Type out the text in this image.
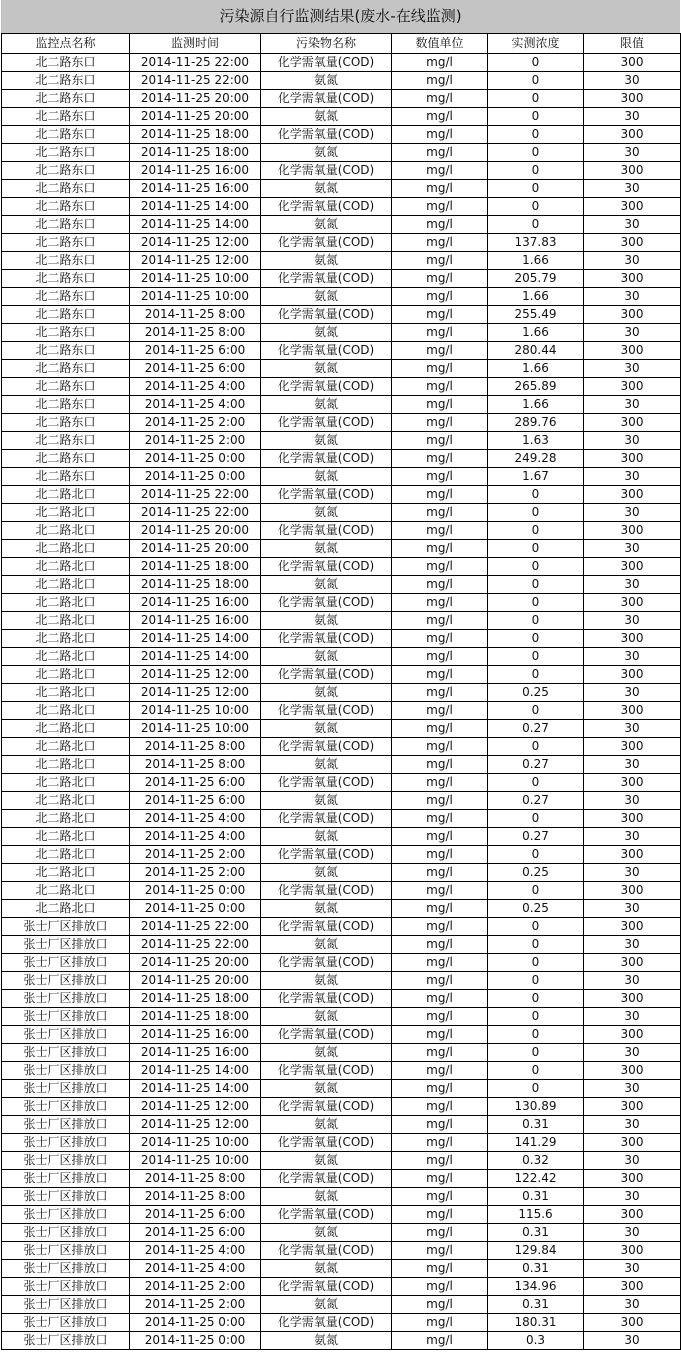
污染源自行监测结果(废水-在线监测)
监控点名称	监测时间	污染物名称	数值单位	实测浓度	限值
北二路东口	2014-11-25 22:00	化学需氧量(COD)	mg/l	0	300
北二路东口	2014-11-25 22:00	氨氮	mg/l	0	30
北二路东口	2014-11-25 20:00	化学需氧量(COD)	mg/l	0	300
北二路东口	2014-11-25 20:00	氨氮	mg/l	0	30
北二路东口	2014-11-25 18:00	化学需氧量(COD)	mg/l	0	300
北二路东口	2014-11-25 18:00	氨氮	mg/l	0	30
北二路东口	2014-11-25 16:00	化学需氧量(COD)	mg/l	0	300
北二路东口	2014-11-25 16:00	氨氮	mg/l	0	30
北二路东口	2014-11-25 14:00	化学需氧量(COD)	mg/l	0	300
北二路东口	2014-11-25 14:00	氨氮	mg/l	0	30
北二路东口	2014-11-25 12:00	化学需氧量(COD)	mg/l	137.83	300
北二路东口	2014-11-25 12:00	氨氮	mg/l	1.66	30
北二路东口	2014-11-25 10:00	化学需氧量(COD)	mg/l	205.79	300
北二路东口	2014-11-25 10:00	氨氮	mg/l	1.66	30
北二路东口	2014-11-25 8:00	化学需氧量(COD)	mg/l	255.49	300
北二路东口	2014-11-25 8:00	氨氮	mg/l	1.66	30
北二路东口	2014-11-25 6:00	化学需氧量(COD)	mg/l	280.44	300
北二路东口	2014-11-25 6:00	氨氮	mg/l	1.66	30
北二路东口	2014-11-25 4:00	化学需氧量(COD)	mg/l	265.89	300
北二路东口	2014-11-25 4:00	氨氮	mg/l	1.66	30
北二路东口	2014-11-25 2:00	化学需氧量(COD)	mg/l	289.76	300
北二路东口	2014-11-25 2:00	氨氮	mg/l	1.63	30
北二路东口	2014-11-25 0:00	化学需氧量(COD)	mg/l	249.28	300
北二路东口	2014-11-25 0:00	氨氮	mg/l	1.67	30
北二路北口	2014-11-25 22:00	化学需氧量(COD)	mg/l	0	300
北二路北口	2014-11-25 22:00	氨氮	mg/l	0	30
北二路北口	2014-11-25 20:00	化学需氧量(COD)	mg/l	0	300
北二路北口	2014-11-25 20:00	氨氮	mg/l	0	30
北二路北口	2014-11-25 18:00	化学需氧量(COD)	mg/l	0	300
北二路北口	2014-11-25 18:00	氨氮	mg/l	0	30
北二路北口	2014-11-25 16:00	化学需氧量(COD)	mg/l	0	300
北二路北口	2014-11-25 16:00	氨氮	mg/l	0	30
北二路北口	2014-11-25 14:00	化学需氧量(COD)	mg/l	0	300
北二路北口	2014-11-25 14:00	氨氮	mg/l	0	30
北二路北口	2014-11-25 12:00	化学需氧量(COD)	mg/l	0	300
北二路北口	2014-11-25 12:00	氨氮	mg/l	0.25	30
北二路北口	2014-11-25 10:00	化学需氧量(COD)	mg/l	0	300
北二路北口	2014-11-25 10:00	氨氮	mg/l	0.27	30
北二路北口	2014-11-25 8:00	化学需氧量(COD)	mg/l	0	300
北二路北口	2014-11-25 8:00	氨氮	mg/l	0.27	30
北二路北口	2014-11-25 6:00	化学需氧量(COD)	mg/l	0	300
北二路北口	2014-11-25 6:00	氨氮	mg/l	0.27	30
北二路北口	2014-11-25 4:00	化学需氧量(COD)	mg/l	0	300
北二路北口	2014-11-25 4:00	氨氮	mg/l	0.27	30
北二路北口	2014-11-25 2:00	化学需氧量(COD)	mg/l	0	300
北二路北口	2014-11-25 2:00	氨氮	mg/l	0.25	30
北二路北口	2014-11-25 0:00	化学需氧量(COD)	mg/l	0	300
北二路北口	2014-11-25 0:00	氨氮	mg/l	0.25	30
张士厂区排放口	2014-11-25 22:00	化学需氧量(COD)	mg/l	0	300
张士厂区排放口	2014-11-25 22:00	氨氮	mg/l	0	30
张士厂区排放口	2014-11-25 20:00	化学需氧量(COD)	mg/l	0	300
张士厂区排放口	2014-11-25 20:00	氨氮	mg/l	0	30
张士厂区排放口	2014-11-25 18:00	化学需氧量(COD)	mg/l	0	300
张士厂区排放口	2014-11-25 18:00	氨氮	mg/l	0	30
张士厂区排放口	2014-11-25 16:00	化学需氧量(COD)	mg/l	0	300
张士厂区排放口	2014-11-25 16:00	氨氮	mg/l	0	30
张士厂区排放口	2014-11-25 14:00	化学需氧量(COD)	mg/l	0	300
张士厂区排放口	2014-11-25 14:00	氨氮	mg/l	0	30
张士厂区排放口	2014-11-25 12:00	化学需氧量(COD)	mg/l	130.89	300
张士厂区排放口	2014-11-25 12:00	氨氮	mg/l	0.31	30
张士厂区排放口	2014-11-25 10:00	化学需氧量(COD)	mg/l	141.29	300
张士厂区排放口	2014-11-25 10:00	氨氮	mg/l	0.32	30
张士厂区排放口	2014-11-25 8:00	化学需氧量(COD)	mg/l	122.42	300
张士厂区排放口	2014-11-25 8:00	氨氮	mg/l	0.31	30
张士厂区排放口	2014-11-25 6:00	化学需氧量(COD)	mg/l	115.6	300
张士厂区排放口	2014-11-25 6:00	氨氮	mg/l	0.31	30
张士厂区排放口	2014-11-25 4:00	化学需氧量(COD)	mg/l	129.84	300
张士厂区排放口	2014-11-25 4:00	氨氮	mg/l	0.31	30
张士厂区排放口	2014-11-25 2:00	化学需氧量(COD)	mg/l	134.96	300
张士厂区排放口	2014-11-25 2:00	氨氮	mg/l	0.31	30
张士厂区排放口	2014-11-25 0:00	化学需氧量(COD)	mg/l	180.31	300
张士厂区排放口	2014-11-25 0:00	氨氮	mg/l	0.3	30
